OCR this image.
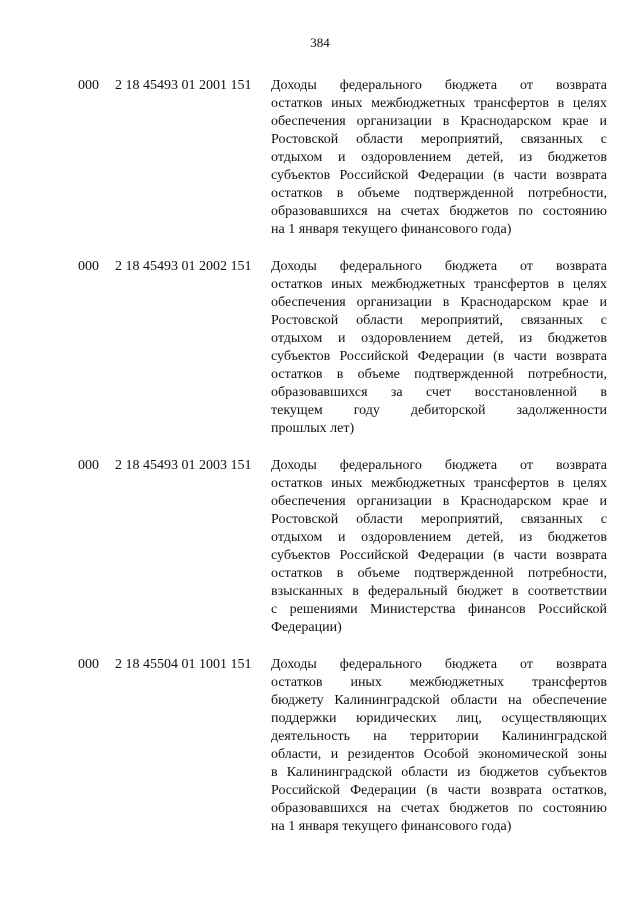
384
000 2 18 45493 01 2001 151 Доходы федерального бюджета от возврата
остатков иных межбюджетных трансфертов в целях
обеспечения организации в Краснодарском крае и
Ростовской области мероприятий, связанных с
отдыхом и оздоровлением детей, из бюджетов
субъектов Российской Федерации (в части возврата
остатков в объеме подтвержденной потребности,
образовавшихся на счетах бюджетов по состоянию
на 1 января текущего финансового года)
000 2 18 45493 01 2002 151 Доходы федерального бюджета от возврата
остатков иных межбюджетных трансфертов в целях
обеспечения организации в Краснодарском крае и
Ростовской области мероприятий, связанных с
отдыхом и оздоровлением детей, из бюджетов
субъектов Российской Федерации (в части возврата
остатков в объеме подтвержденной потребности,
образовавшихся за счет восстановленной в
текущем году дебиторской задолженности
прошлых лет)
000 2 18 45493 01 2003 151 Доходы федерального бюджета от возврата
остатков иных межбюджетных трансфертов в целях
обеспечения организации в Краснодарском крае и
Ростовской области мероприятий, связанных с
отдыхом и оздоровлением детей, из бюджетов
субъектов Российской Федерации (в части возврата
остатков в объеме подтвержденной потребности,
взысканных в федеральный бюджет в соответствии
с решениями Министерства финансов Российской
Федерации)
000 2 18 45504 01 1001 151 Доходы федерального бюджета от возврата
остатков иных межбюджетных трансфертов
бюджету Калининградской области на обеспечение
поддержки юридических лиц, осуществляющих
деятельность на территории Калининградской
области, и резидентов Особой экономической зоны
в Калининградской области из бюджетов субъектов
Российской Федерации (в части возврата остатков,
образовавшихся на счетах бюджетов по состоянию
на 1 января текущего финансового года)
